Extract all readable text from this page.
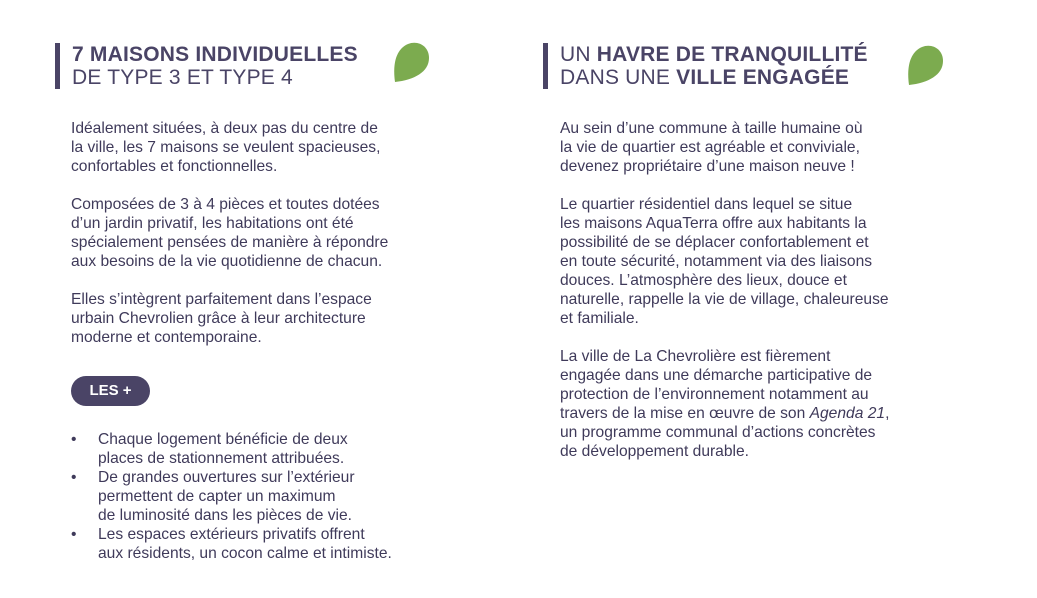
7 MAISONS INDIVIDUELLES
DE TYPE 3 ET TYPE 4

Idéalement situées, à deux pas du centre de
la ville, les 7 maisons se veulent spacieuses,
confortables et fonctionnelles.

Composées de 3 à 4 pièces et toutes dotées
d’un jardin privatif, les habitations ont été
spécialement pensées de manière à répondre
aux besoins de la vie quotidienne de chacun.

Elles s’intègrent parfaitement dans l’espace
urbain Chevrolien grâce à leur architecture
moderne et contemporaine.

LES +
• Chaque logement bénéficie de deux
places de stationnement attribuées.
• De grandes ouvertures sur l’extérieur
permettent de capter un maximum
de luminosité dans les pièces de vie.
• Les espaces extérieurs privatifs offrent
aux résidents, un cocon calme et intimiste.
UN HAVRE DE TRANQUILLITÉ
DANS UNE VILLE ENGAGÉE

Au sein d’une commune à taille humaine où
la vie de quartier est agréable et conviviale,
devenez propriétaire d’une maison neuve !

Le quartier résidentiel dans lequel se situe
les maisons AquaTerra offre aux habitants la
possibilité de se déplacer confortablement et
en toute sécurité, notamment via des liaisons
douces. L’atmosphère des lieux, douce et
naturelle, rappelle la vie de village, chaleureuse
et familiale.

La ville de La Chevrolière est fièrement
engagée dans une démarche participative de
protection de l’environnement notamment au
travers de la mise en œuvre de son Agenda 21,
un programme communal d’actions concrètes
de développement durable.
